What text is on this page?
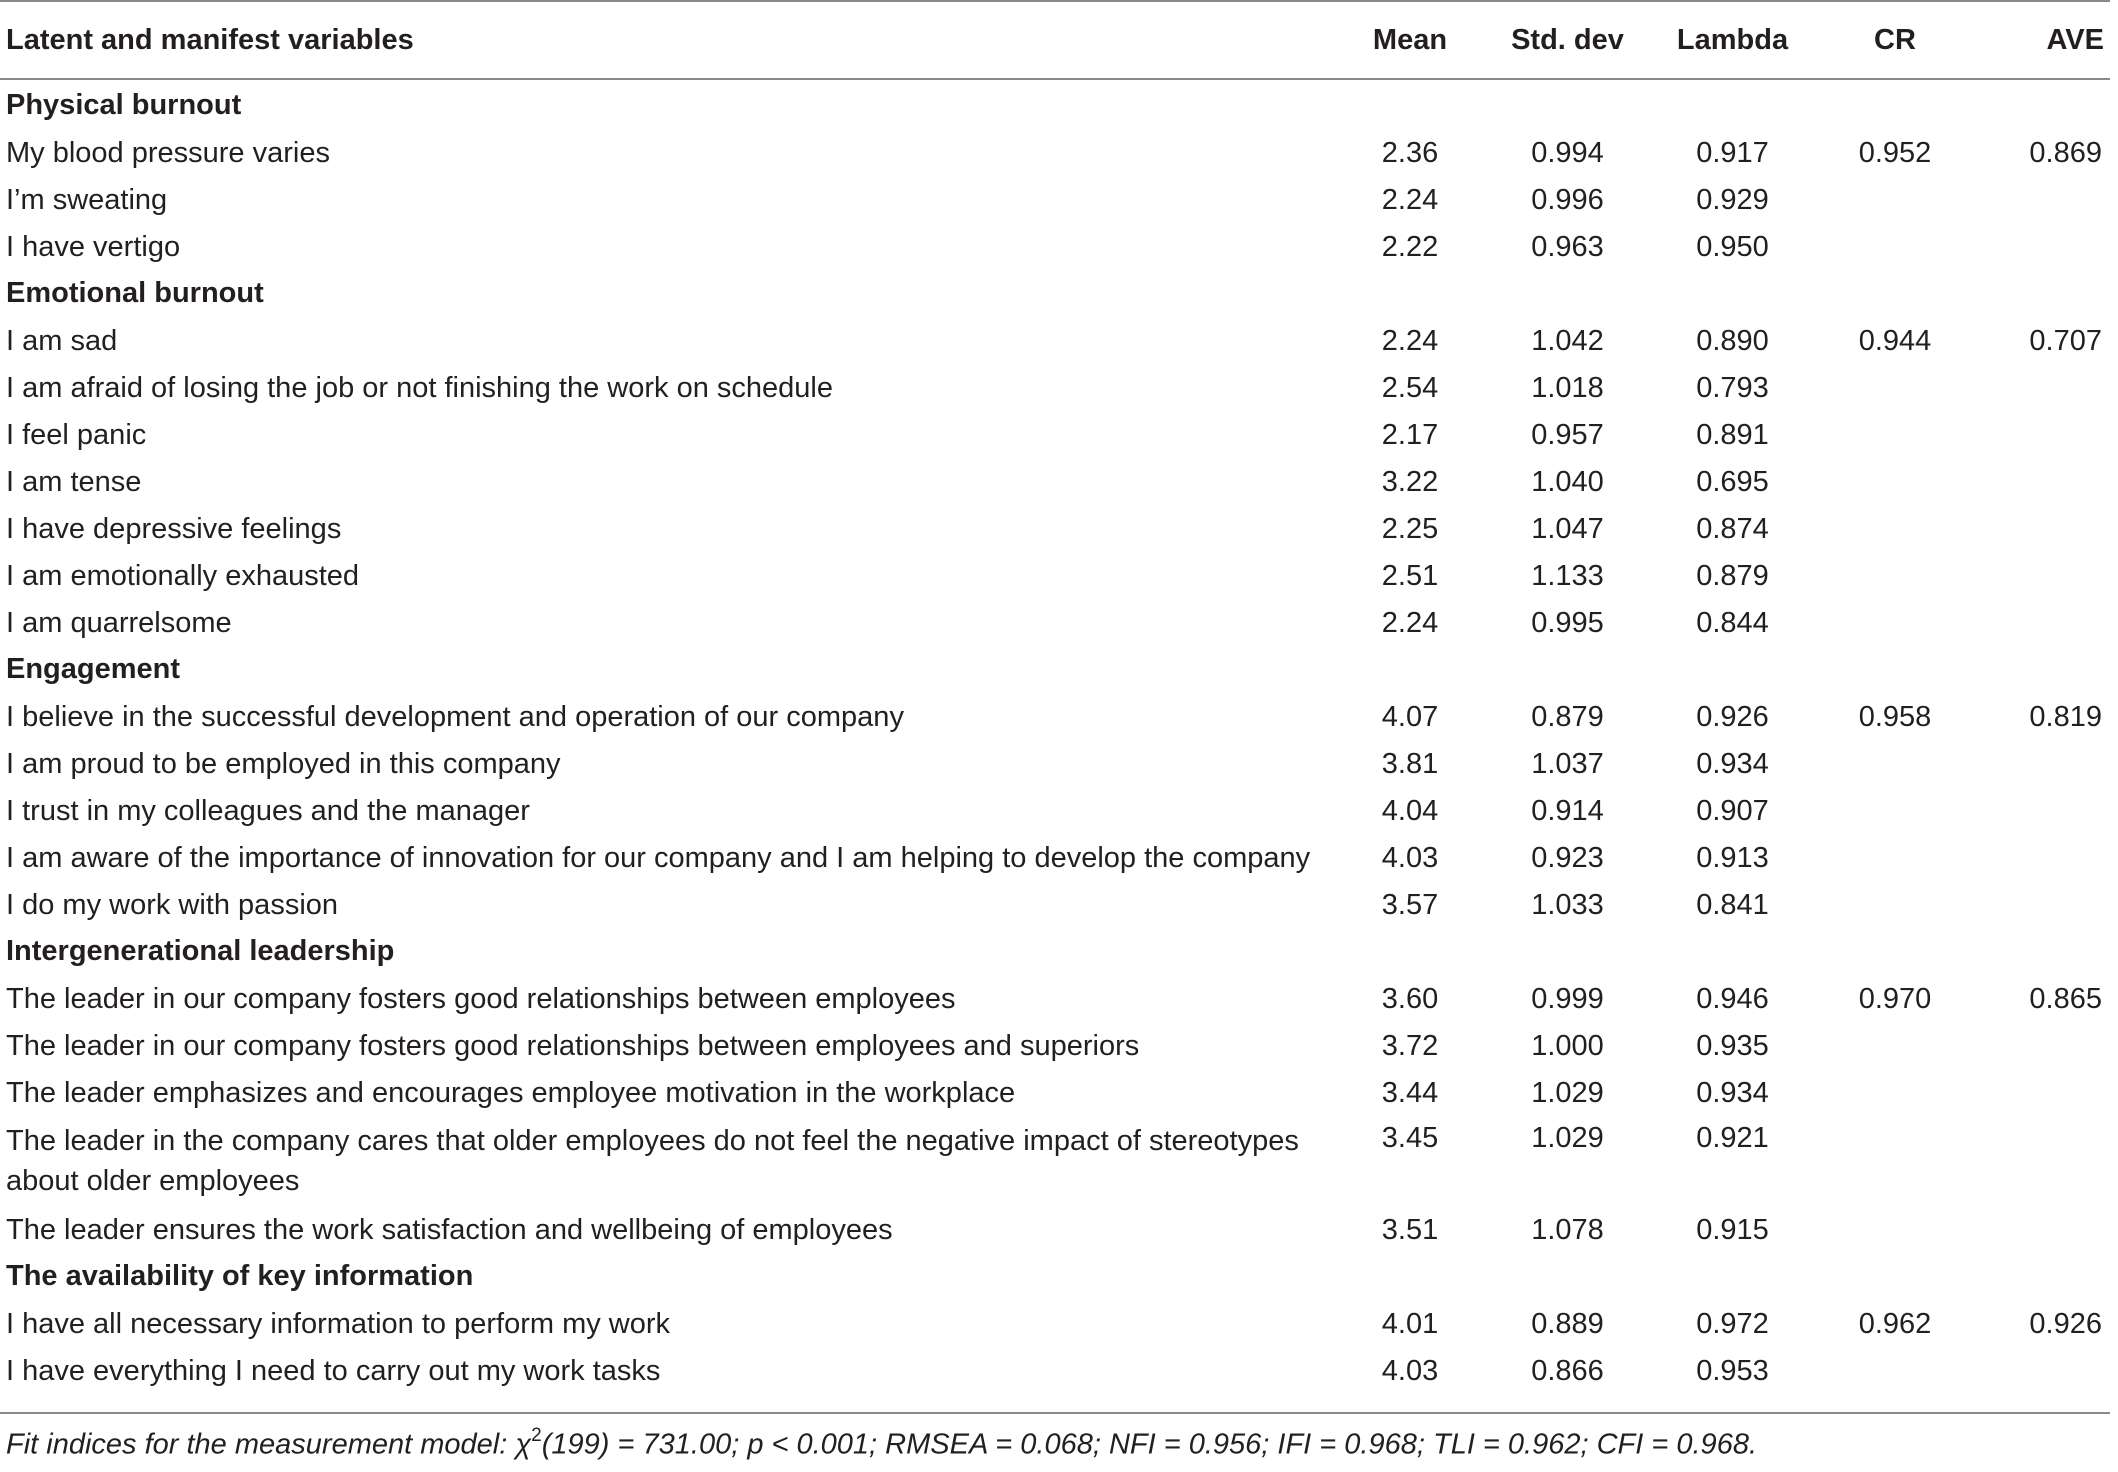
Latent and manifest variables	Mean	Std. dev	Lambda	CR	AVE
Physical burnout					
My blood pressure varies	2.36	0.994	0.917	0.952	0.869
I’m sweating	2.24	0.996	0.929		
I have vertigo	2.22	0.963	0.950		
Emotional burnout					
I am sad	2.24	1.042	0.890	0.944	0.707
I am afraid of losing the job or not finishing the work on schedule	2.54	1.018	0.793		
I feel panic	2.17	0.957	0.891		
I am tense	3.22	1.040	0.695		
I have depressive feelings	2.25	1.047	0.874		
I am emotionally exhausted	2.51	1.133	0.879		
I am quarrelsome	2.24	0.995	0.844		
Engagement					
I believe in the successful development and operation of our company	4.07	0.879	0.926	0.958	0.819
I am proud to be employed in this company	3.81	1.037	0.934		
I trust in my colleagues and the manager	4.04	0.914	0.907		
I am aware of the importance of innovation for our company and I am helping to develop the company	4.03	0.923	0.913		
I do my work with passion	3.57	1.033	0.841		
Intergenerational leadership					
The leader in our company fosters good relationships between employees	3.60	0.999	0.946	0.970	0.865
The leader in our company fosters good relationships between employees and superiors	3.72	1.000	0.935		
The leader emphasizes and encourages employee motivation in the workplace	3.44	1.029	0.934		
The leader in the company cares that older employees do not feel the negative impact of stereotypes about older employees	3.45	1.029	0.921		
The leader ensures the work satisfaction and wellbeing of employees	3.51	1.078	0.915		
The availability of key information					
I have all necessary information to perform my work	4.01	0.889	0.972	0.962	0.926
I have everything I need to carry out my work tasks	4.03	0.866	0.953		

Fit indices for the measurement model: $\chi^2(199) = 731.00$; p < 0.001; RMSEA = 0.068; NFI = 0.956; IFI = 0.968; TLI = 0.962; CFI = 0.968.
